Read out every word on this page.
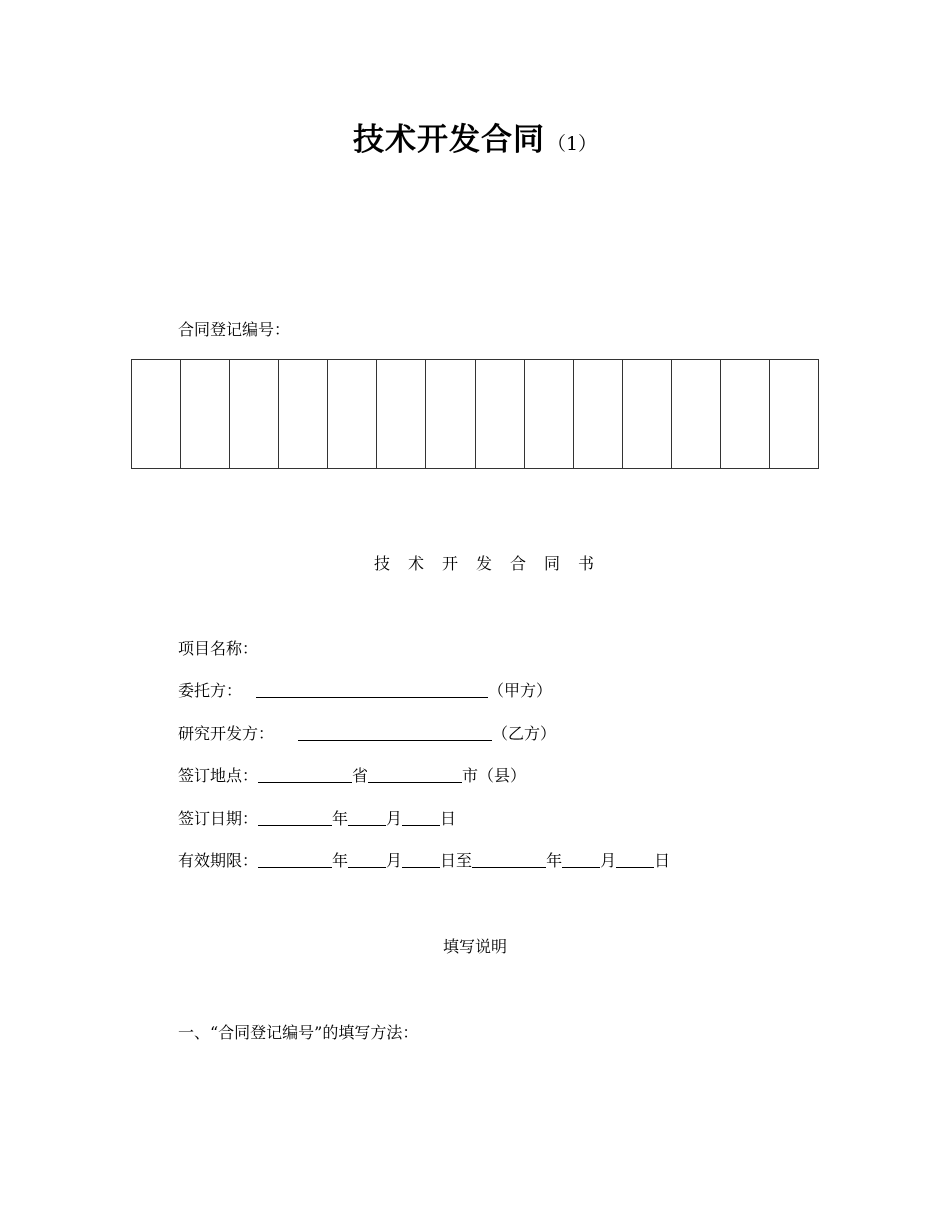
技术开发合同 （1）
合同登记编号：
技术开发合同书
项目名称：
委托方：	（甲方）
研究开发方：	（乙方）
签订地点：	省	市（县）
签订日期：	年 月 日
有效期限：	年 月 日至	年 月 日
填写说明
一、“合同登记编号”的填写方法：
